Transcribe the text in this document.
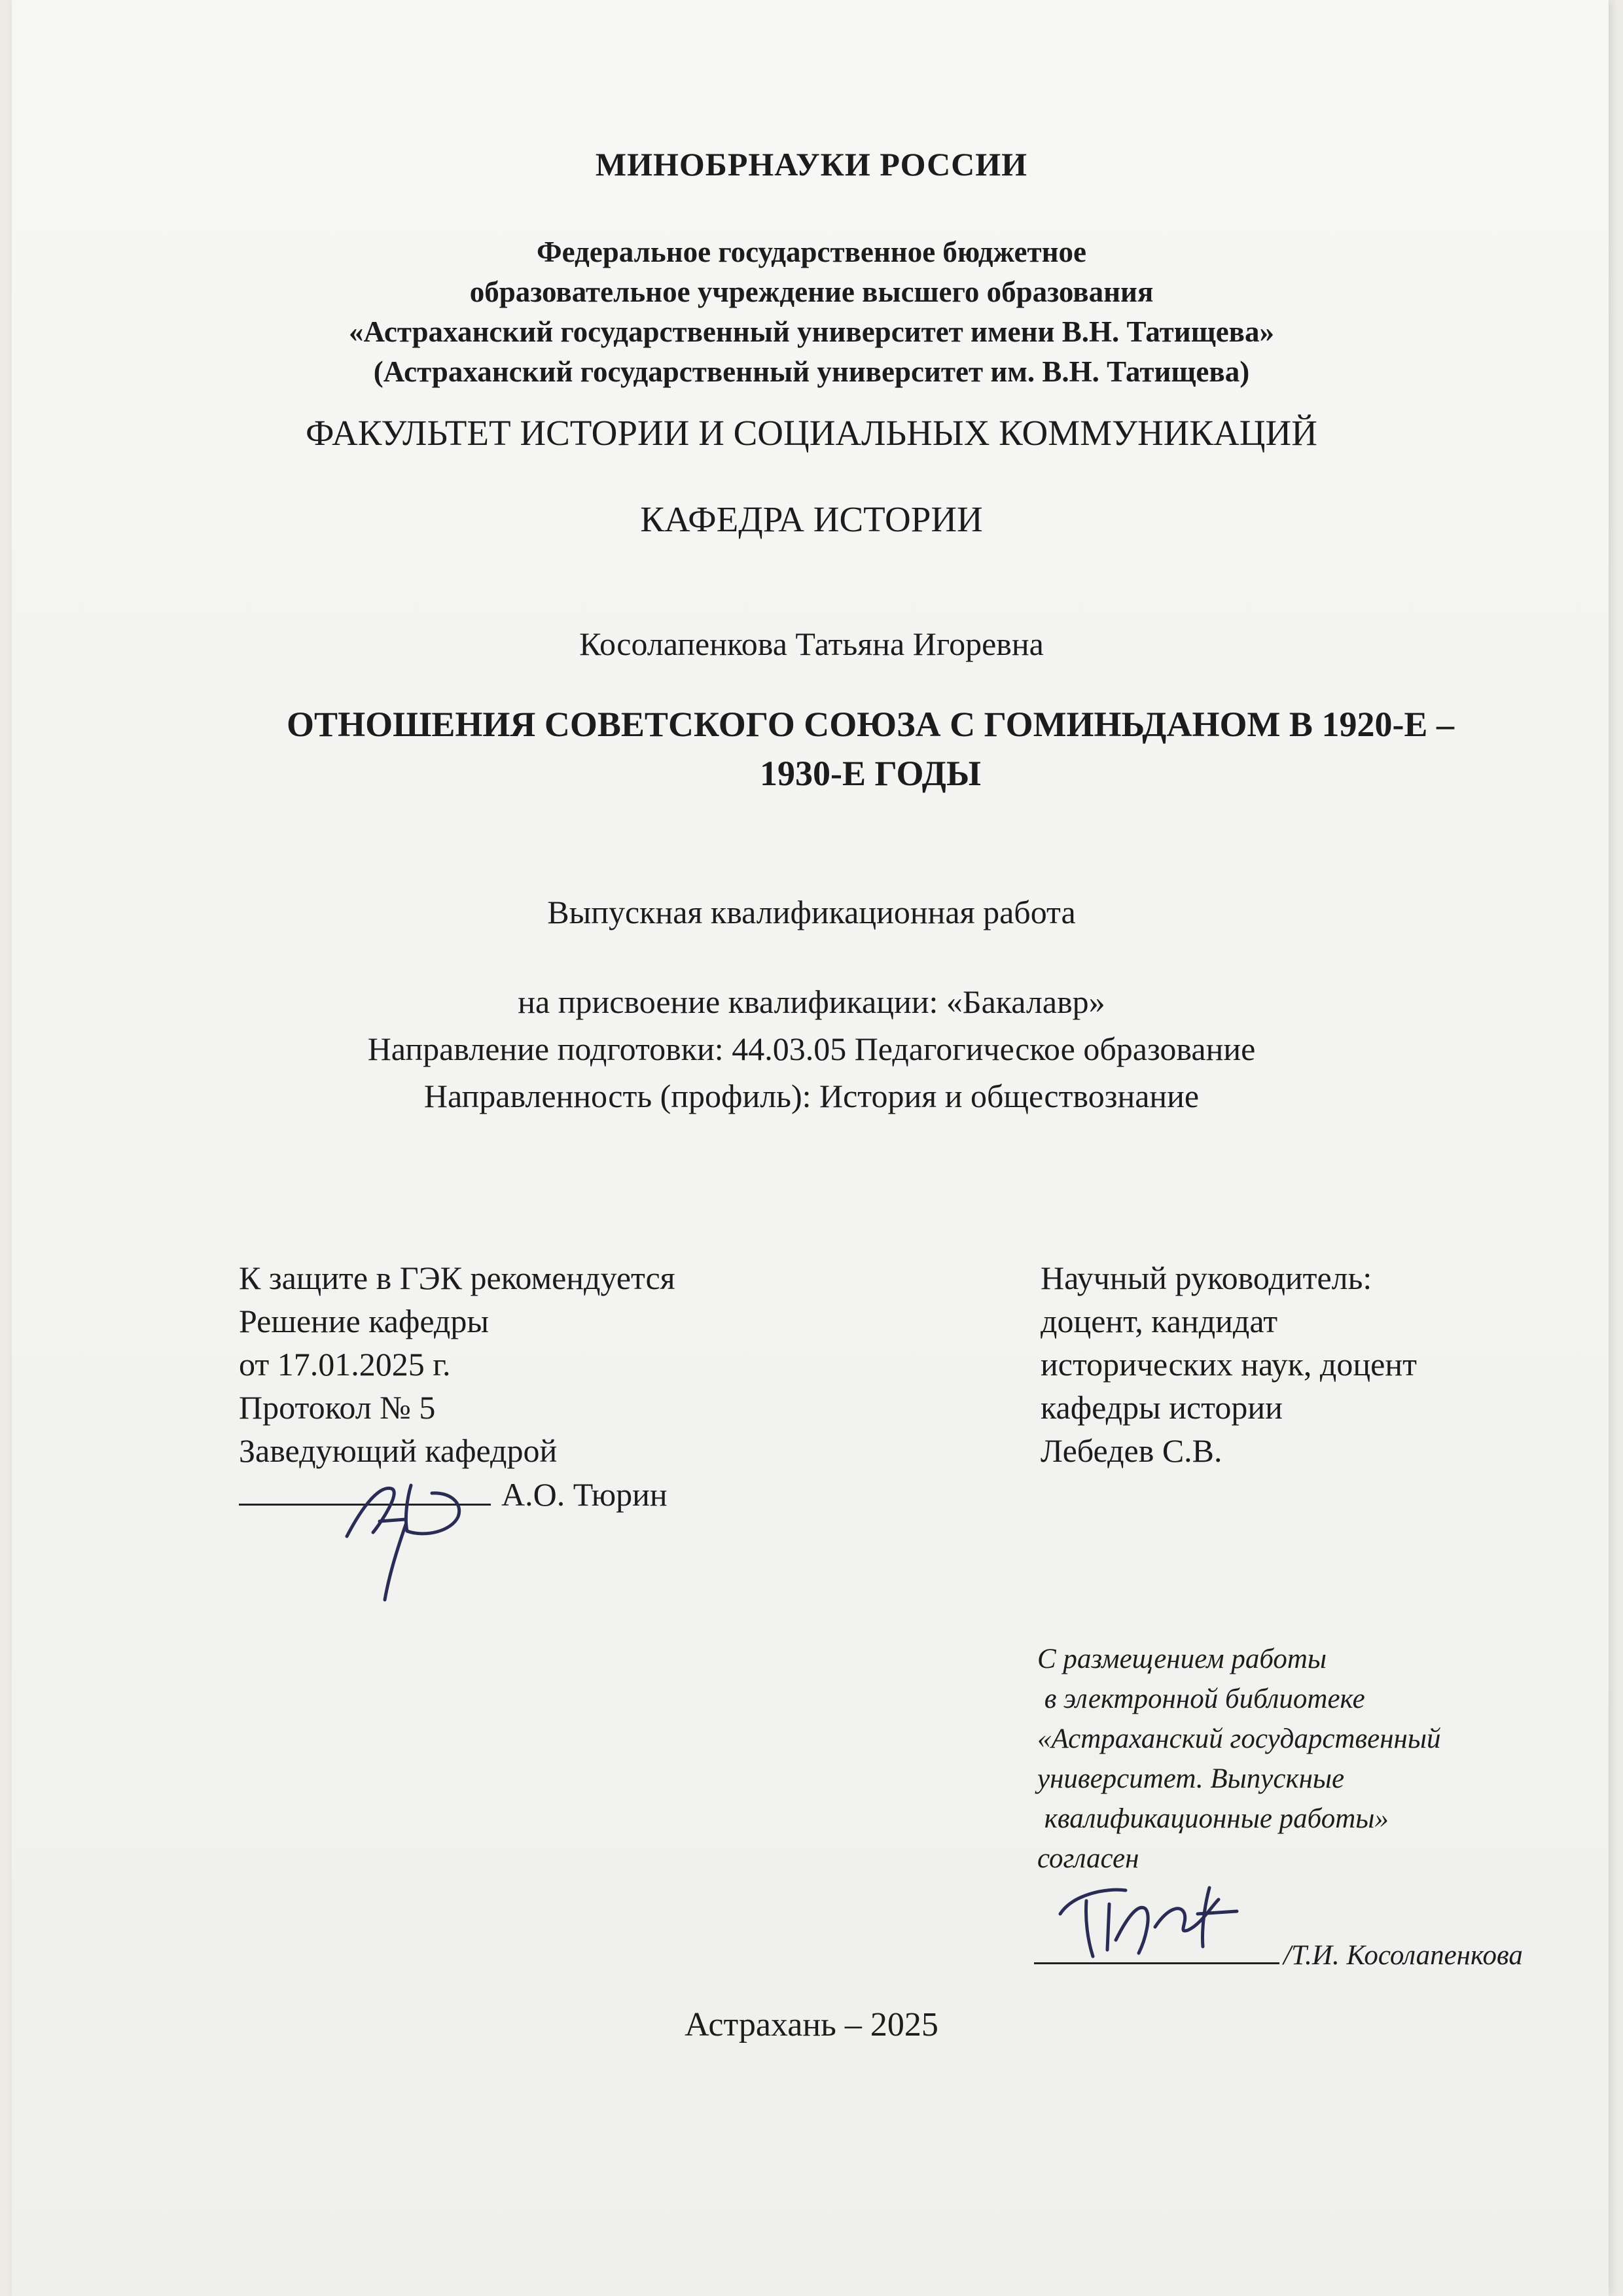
МИНОБРНАУКИ РОССИИ
Федеральное государственное бюджетное
образовательное учреждение высшего образования
«Астраханский государственный университет имени В.Н. Татищева»
(Астраханский государственный университет им. В.Н. Татищева)
ФАКУЛЬТЕТ ИСТОРИИ И СОЦИАЛЬНЫХ КОММУНИКАЦИЙ
КАФЕДРА ИСТОРИИ
Косолапенкова Татьяна Игоревна
ОТНОШЕНИЯ СОВЕТСКОГО СОЮЗА С ГОМИНЬДАНОМ В 1920-Е –
1930-Е ГОДЫ
Выпускная квалификационная работа
на присвоение квалификации: «Бакалавр»
Направление подготовки: 44.03.05 Педагогическое образование
Направленность (профиль): История и обществознание
К защите в ГЭК рекомендуется
Решение кафедры
от 17.01.2025 г.
Протокол № 5
Заведующий кафедрой
А.О. Тюрин
Научный руководитель:
доцент, кандидат
исторических наук, доцент
кафедры истории
Лебедев С.В.
С размещением работы
в электронной библиотеке
«Астраханский государственный
университет. Выпускные
квалификационные работы»
согласен
/Т.И. Косолапенкова
Астрахань – 2025
